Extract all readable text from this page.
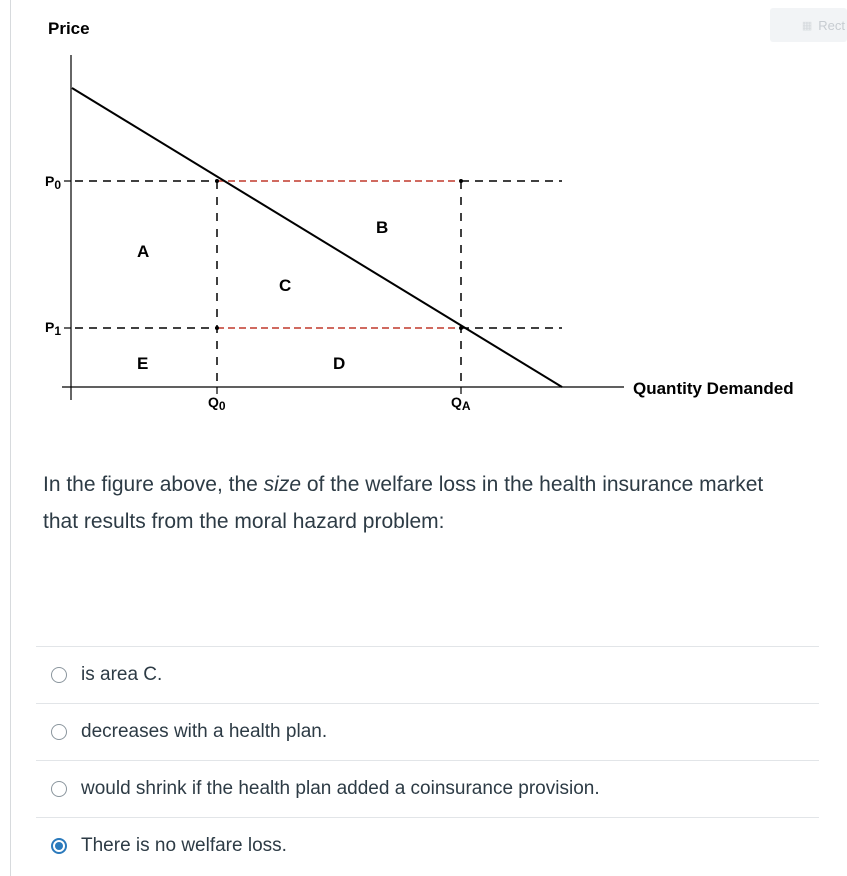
Price
Quantity Demanded
P0
P1
Q0	QA
A
B
C
D
E
▦ Rect
In the figure above, the size of the welfare loss in the health insurance market that results from the moral hazard problem:
is area C.
decreases with a health plan.
would shrink if the health plan added a coinsurance provision.
There is no welfare loss.
